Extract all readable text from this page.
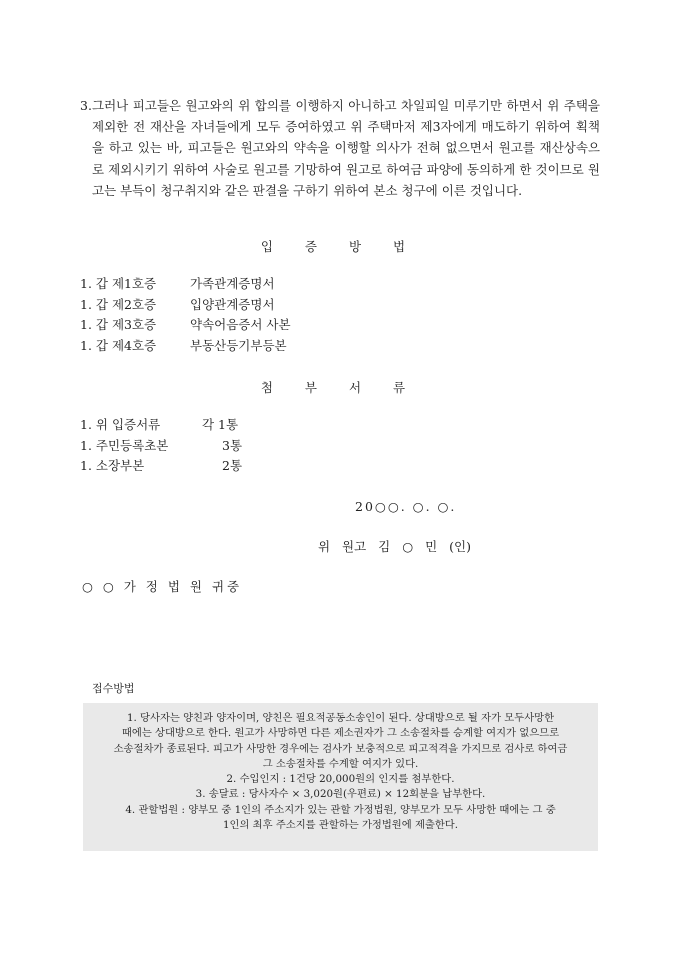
3. 그러나 피고들은 원고와의 위 합의를 이행하지 아니하고 차일피일 미루기만 하면서 위 주택을 제외한 전 재산을 자녀들에게 모두 증여하였고 위 주택마저 제3자에게 매도하기 위하여 획책을 하고 있는 바, 피고들은 원고와의 약속을 이행할 의사가 전혀 없으면서 원고를 재산상속으로 제외시키기 위하여 사술로 원고를 기망하여 원고로 하여금 파양에 동의하게 한 것이므로 원고는 부득이 청구취지와 같은 판결을 구하기 위하여 본소 청구에 이른 것입니다.
입 증 방 법
1. 갑 제1호증	가족관계증명서
1. 갑 제2호증	입양관계증명서
1. 갑 제3호증	약속어음증서 사본
1. 갑 제4호증	부동산등기부등본
첨 부 서 류
1. 위 입증서류	각 1통
1. 주민등록초본	3통
1. 소장부본	2통
20○○. ○. ○.
위 원고 김 ○ 민 (인)
○ ○ 가 정 법 원 귀중
접수방법
1. 당사자는 양친과 양자이며, 양친은 필요적공동소송인이 된다. 상대방으로 될 자가 모두사망한
때에는 상대방으로 한다. 원고가 사망하면 다른 제소권자가 그 소송절차를 승계할 여지가 없으므로
소송절차가 종료된다. 피고가 사망한 경우에는 검사가 보충적으로 피고적격을 가지므로 검사로 하여금
그 소송절차를 수계할 여지가 있다.
2. 수입인지 : 1건당 20,000원의 인지를 첨부한다.
3. 송달료 : 당사자수 × 3,020원(우편료) × 12회분을 납부한다.
4. 관할법원 : 양부모 중 1인의 주소지가 있는 관할 가정법원, 양부모가 모두 사망한 때에는 그 중
1인의 최후 주소지를 관할하는 가정법원에 제출한다.
